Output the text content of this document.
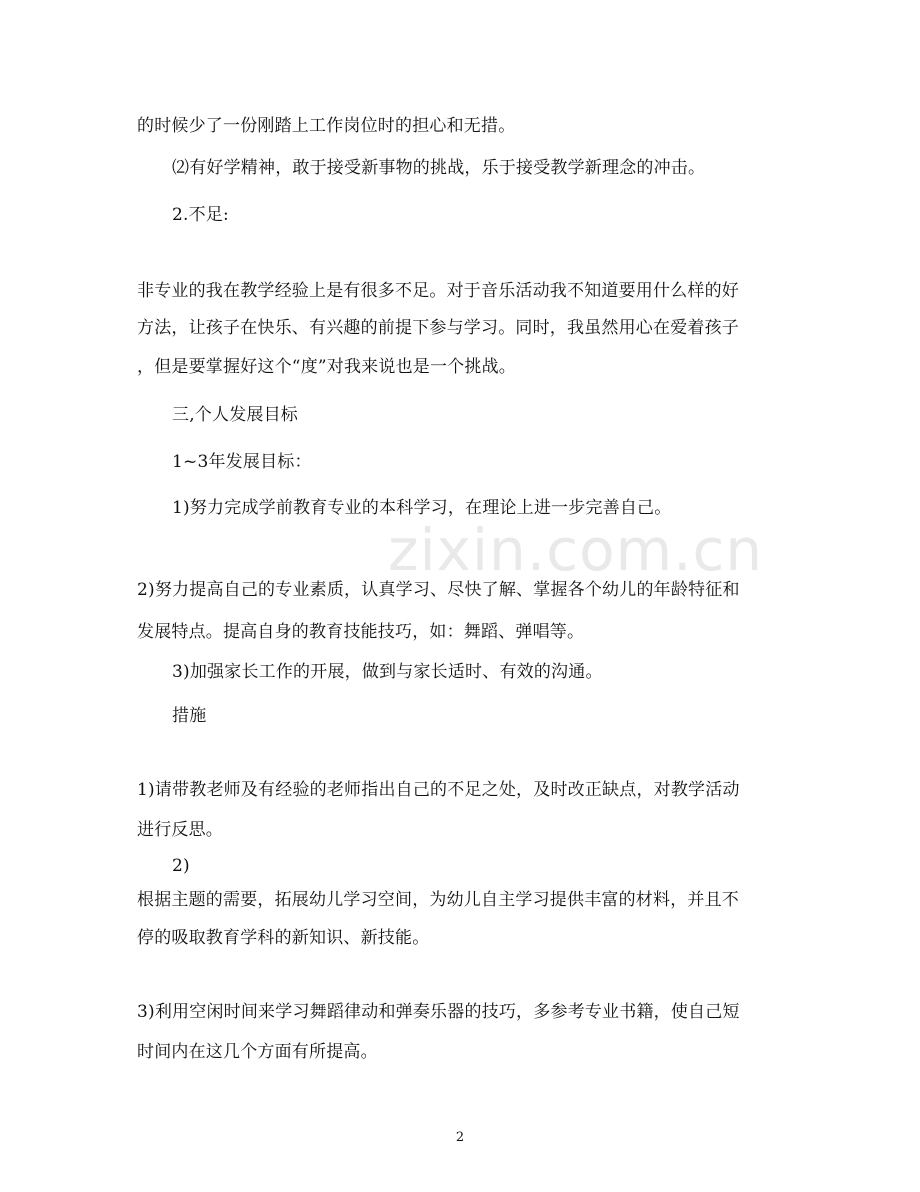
zixin.com.cn
的时候少了一份刚踏上工作岗位时的担心和无措。
⑵有好学精神，敢于接受新事物的挑战，乐于接受教学新理念的冲击。
2.不足:
非专业的我在教学经验上是有很多不足。对于音乐活动我不知道要用什么样的好
方法，让孩子在快乐、有兴趣的前提下参与学习。同时，我虽然用心在爱着孩子
，但是要掌握好这个“度”对我来说也是一个挑战。
三,个人发展目标
1~3年发展目标：
1)努力完成学前教育专业的本科学习，在理论上进一步完善自己。
2)努力提高自己的专业素质，认真学习、尽快了解、掌握各个幼儿的年龄特征和
发展特点。提高自身的教育技能技巧，如：舞蹈、弹唱等。
3)加强家长工作的开展，做到与家长适时、有效的沟通。
措施
1)请带教老师及有经验的老师指出自己的不足之处，及时改正缺点，对教学活动
进行反思。
2)
根据主题的需要，拓展幼儿学习空间，为幼儿自主学习提供丰富的材料，并且不
停的吸取教育学科的新知识、新技能。
3)利用空闲时间来学习舞蹈律动和弹奏乐器的技巧，多参考专业书籍，使自己短
时间内在这几个方面有所提高。
2
